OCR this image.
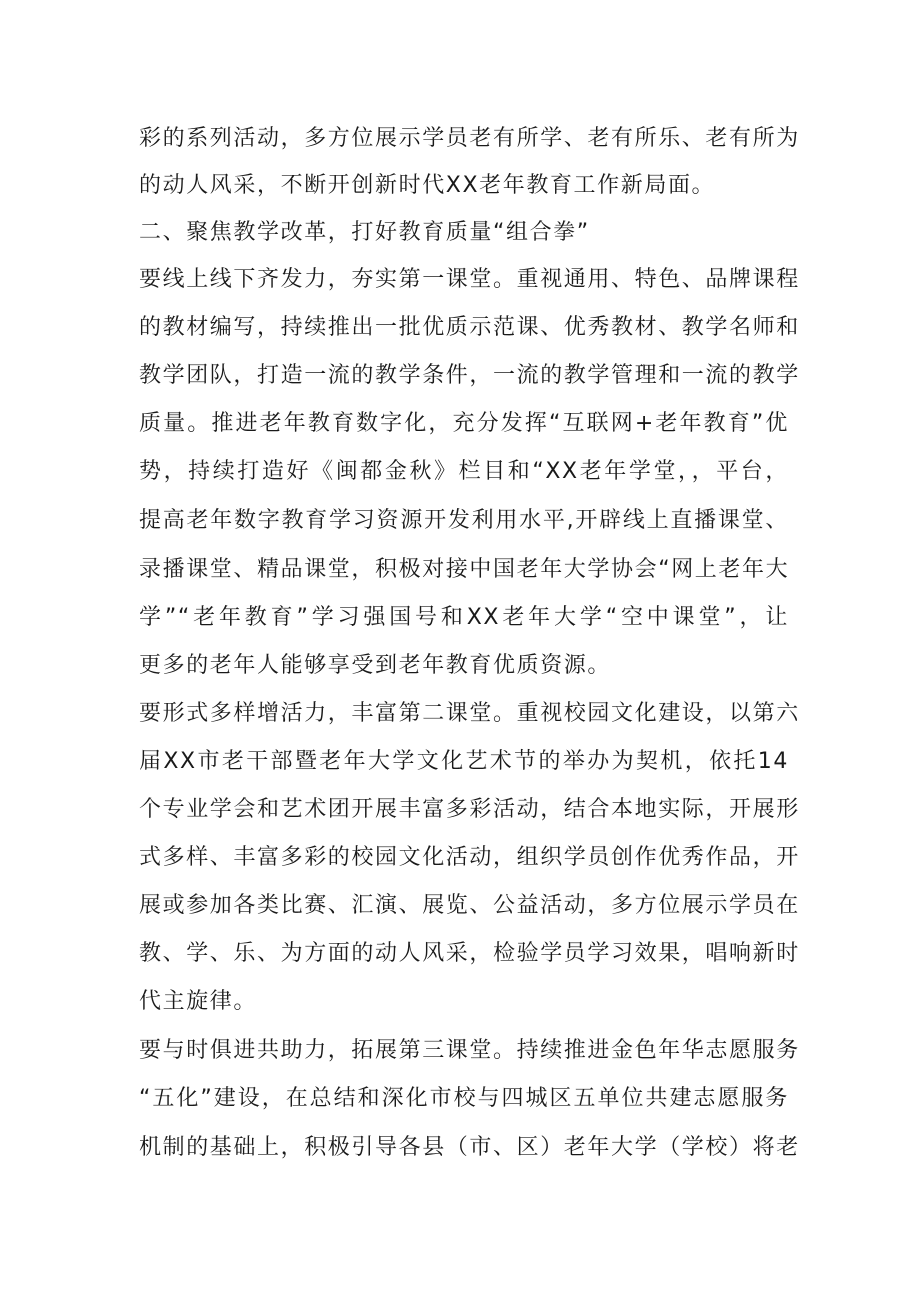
彩的系列活动，多方位展示学员老有所学、老有所乐、老有所为
的动人风采，不断开创新时代XX老年教育工作新局面。
二、聚焦教学改革，打好教育质量“组合拳”
要线上线下齐发力，夯实第一课堂。重视通用、特色、品牌课程
的教材编写，持续推出一批优质示范课、优秀教材、教学名师和
教学团队，打造一流的教学条件，一流的教学管理和一流的教学
质量。推进老年教育数字化，充分发挥“互联网+老年教育”优
势，持续打造好《闽都金秋》栏目和“XX老年学堂，，平台，
提高老年数字教育学习资源开发利用水平,开辟线上直播课堂、
录播课堂、精品课堂，积极对接中国老年大学协会“网上老年大
学”“老年教育”学习强国号和XX老年大学“空中课堂”，让
更多的老年人能够享受到老年教育优质资源。
要形式多样增活力，丰富第二课堂。重视校园文化建设，以第六
届XX市老干部暨老年大学文化艺术节的举办为契机，依托14
个专业学会和艺术团开展丰富多彩活动，结合本地实际，开展形
式多样、丰富多彩的校园文化活动，组织学员创作优秀作品，开
展或参加各类比赛、汇演、展览、公益活动，多方位展示学员在
教、学、乐、为方面的动人风采，检验学员学习效果，唱响新时
代主旋律。
要与时俱进共助力，拓展第三课堂。持续推进金色年华志愿服务
“五化”建设，在总结和深化市校与四城区五单位共建志愿服务
机制的基础上，积极引导各县（市、区）老年大学（学校）将老
